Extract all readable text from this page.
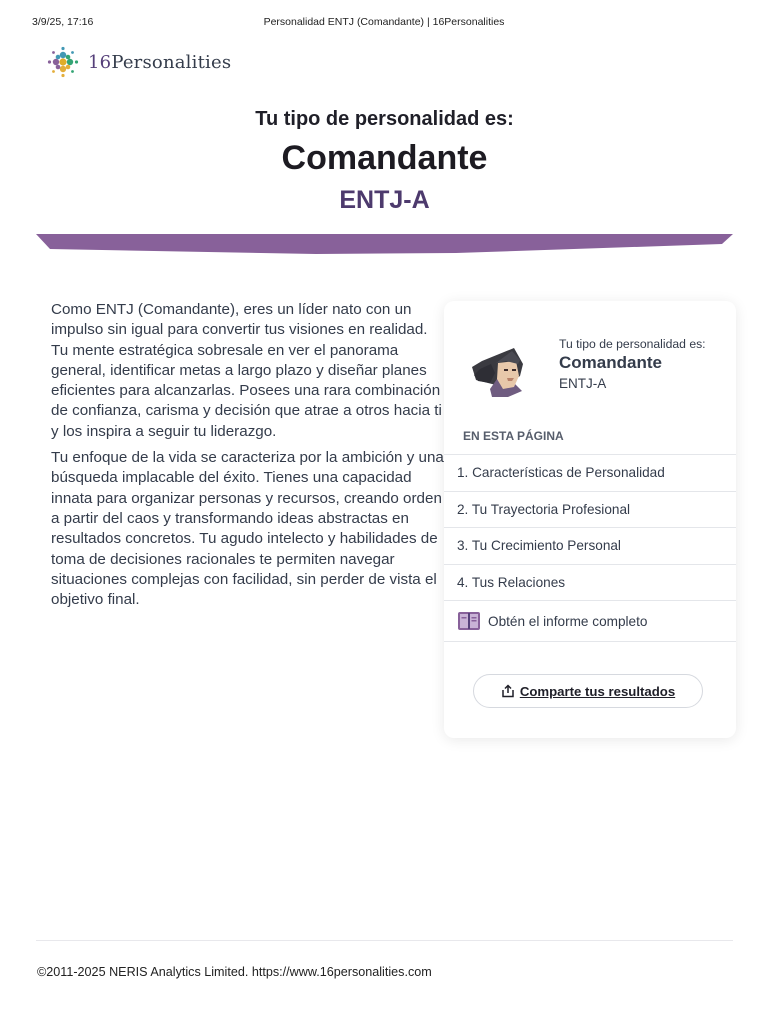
3/9/25, 17:16	Personalidad ENTJ (Comandante) | 16Personalities
16Personalities
Tu tipo de personalidad es:
Comandante
ENTJ-A

Como ENTJ (Comandante), eres un líder nato con un impulso sin igual para convertir tus visiones en realidad. Tu mente estratégica sobresale en ver el panorama general, identificar metas a largo plazo y diseñar planes eficientes para alcanzarlas. Posees una rara combinación de confianza, carisma y decisión que atrae a otros hacia ti y los inspira a seguir tu liderazgo.

Tu enfoque de la vida se caracteriza por la ambición y una búsqueda implacable del éxito. Tienes una capacidad innata para organizar personas y recursos, creando orden a partir del caos y transformando ideas abstractas en resultados concretos. Tu agudo intelecto y habilidades de toma de decisiones racionales te permiten navegar situaciones complejas con facilidad, sin perder de vista el objetivo final.

Tu tipo de personalidad es:
Comandante
ENTJ-A
EN ESTA PÁGINA
1. Características de Personalidad
2. Tu Trayectoria Profesional
3. Tu Crecimiento Personal
4. Tus Relaciones
Obtén el informe completo
Comparte tus resultados
©2011-2025 NERIS Analytics Limited. https://www.16personalities.com
